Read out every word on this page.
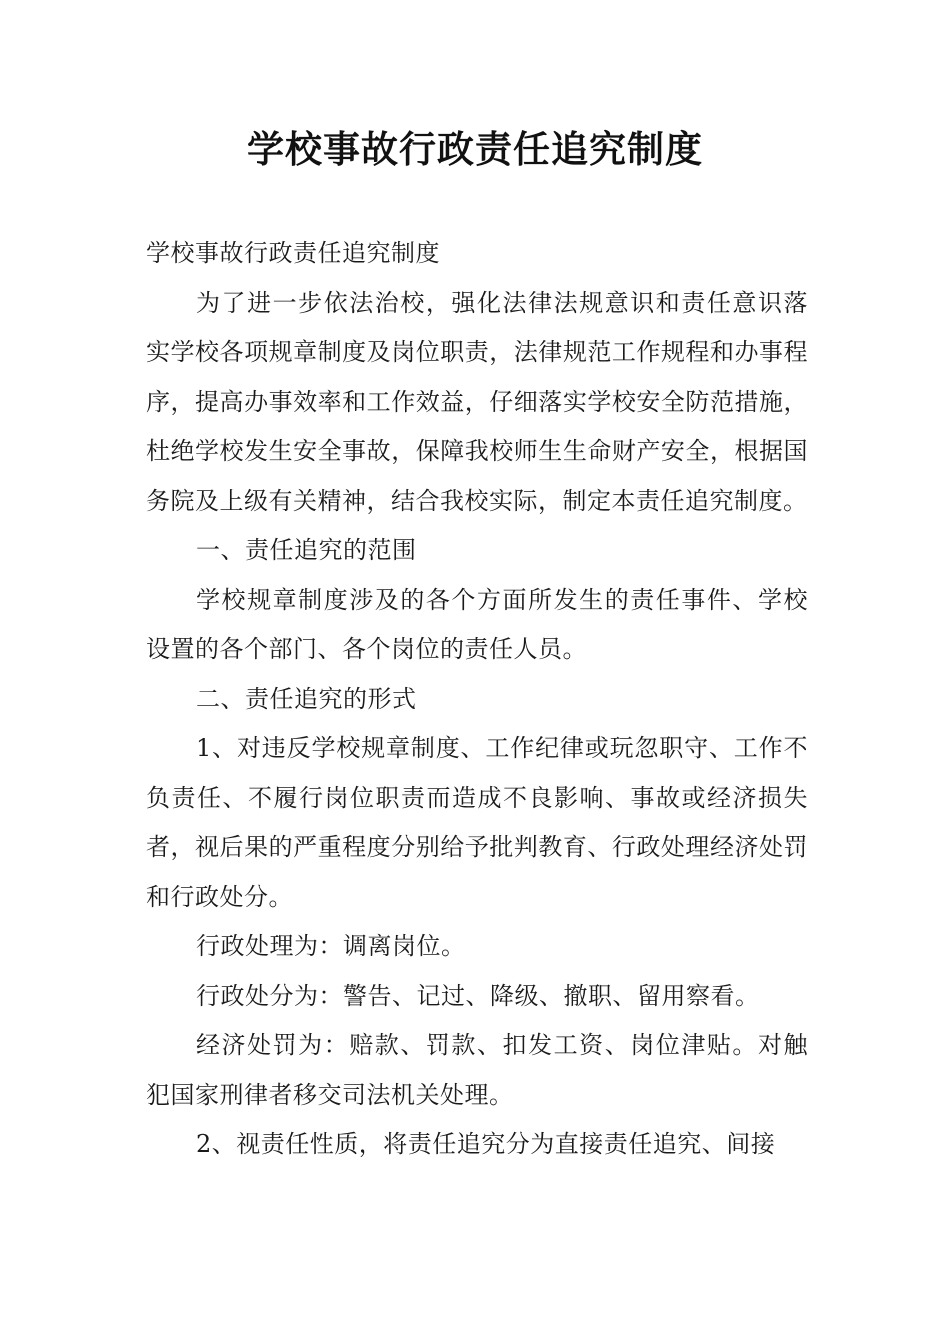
学校事故行政责任追究制度

学校事故行政责任追究制度

为了进一步依法治校，强化法律法规意识和责任意识落实学校各项规章制度及岗位职责，法律规范工作规程和办事程序，提高办事效率和工作效益，仔细落实学校安全防范措施，杜绝学校发生安全事故，保障我校师生生命财产安全，根据国务院及上级有关精神，结合我校实际，制定本责任追究制度。

一、责任追究的范围

学校规章制度涉及的各个方面所发生的责任事件、学校设置的各个部门、各个岗位的责任人员。

二、责任追究的形式

1、对违反学校规章制度、工作纪律或玩忽职守、工作不负责任、不履行岗位职责而造成不良影响、事故或经济损失者，视后果的严重程度分别给予批判教育、行政处理经济处罚和行政处分。

行政处理为：调离岗位。

行政处分为：警告、记过、降级、撤职、留用察看。

经济处罚为：赔款、罚款、扣发工资、岗位津贴。对触犯国家刑律者移交司法机关处理。

2、视责任性质，将责任追究分为直接责任追究、间接
